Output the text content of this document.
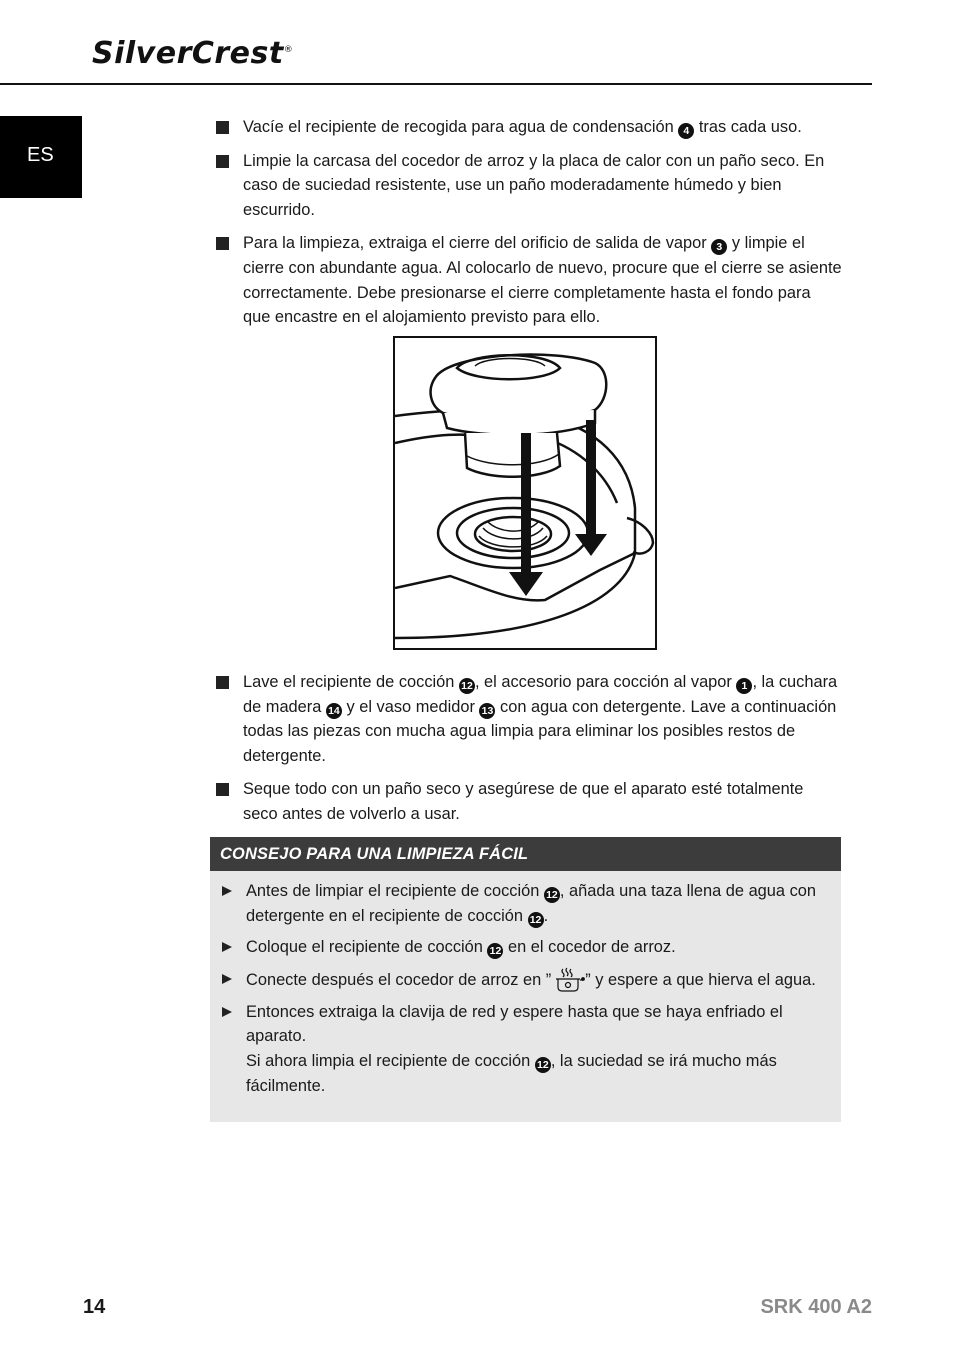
SilverCrest®
ES

Vacíe el recipiente de recogida para agua de condensación 4 tras cada uso.

Limpie la carcasa del cocedor de arroz y la placa de calor con un paño seco. En caso de suciedad resistente, use un paño moderadamente húmedo y bien escurrido.

Para la limpieza, extraiga el cierre del orificio de salida de vapor 3 y limpie el cierre con abundante agua. Al colocarlo de nuevo, procure que el cierre se asiente correctamente. Debe presionarse el cierre completamente hasta el fondo para que encastre en el alojamiento previsto para ello.

Lave el recipiente de cocción 12 , el accesorio para cocción al vapor 1 , la cuchara de madera 14 y el vaso medidor 13 con agua con detergente. Lave a continuación todas las piezas con mucha agua limpia para eliminar los posibles restos de detergente.

Seque todo con un paño seco y asegúrese de que el aparato esté totalmente seco antes de volverlo a usar.

CONSEJO PARA UNA LIMPIEZA FÁCIL

Antes de limpiar el recipiente de cocción 12 , añada una taza llena de agua con detergente en el recipiente de cocción 12 .

Coloque el recipiente de cocción 12 en el cocedor de arroz.

Conecte después el cocedor de arroz en ” ” y espere a que hierva el agua.

Entonces extraiga la clavija de red y espere hasta que se haya enfriado el aparato.
Si ahora limpia el recipiente de cocción 12 , la suciedad se irá mucho más fácilmente.

14	SRK 400 A2
